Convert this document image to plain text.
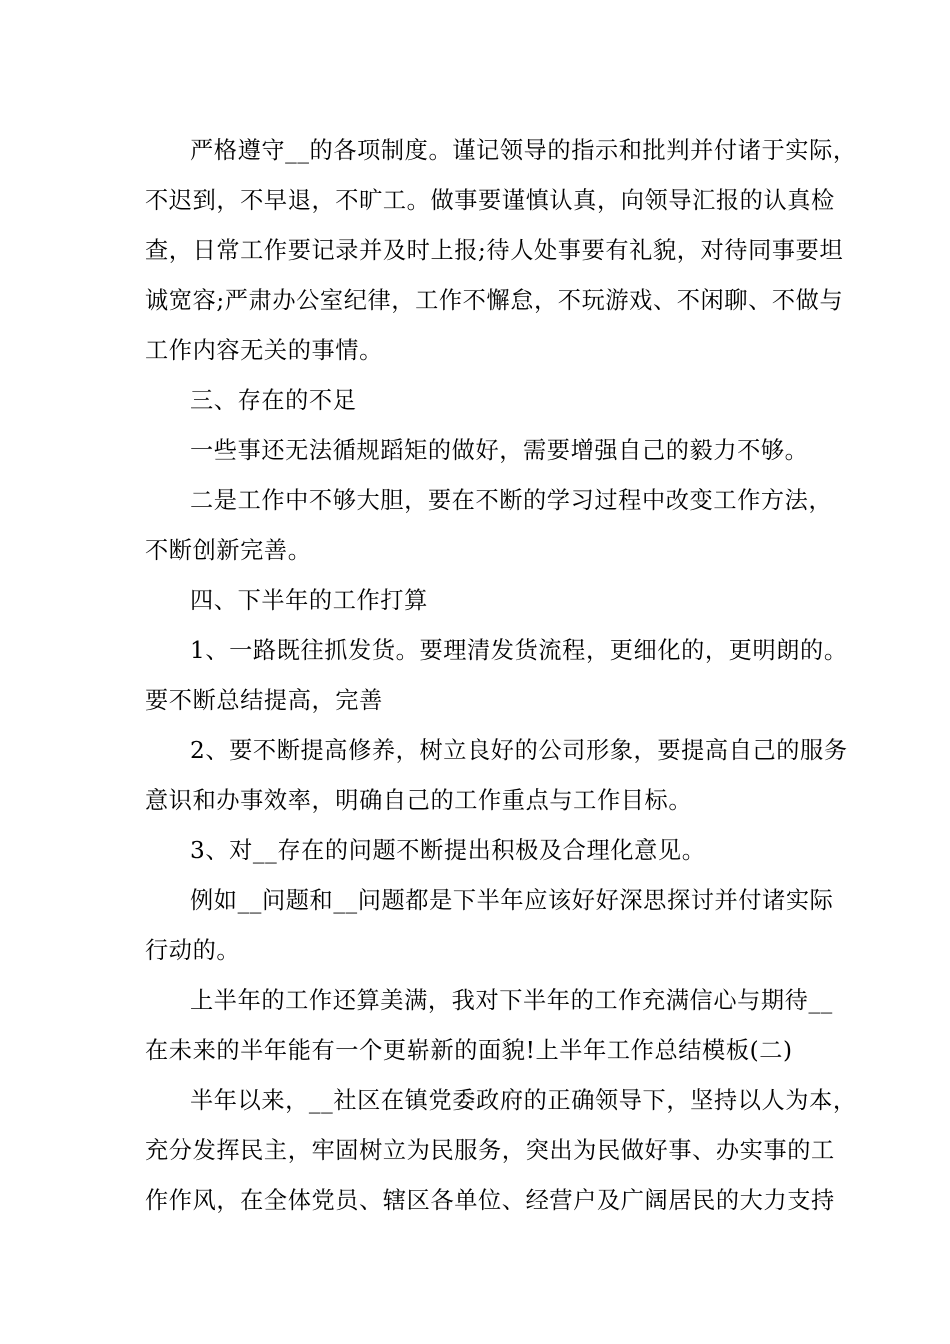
严格遵守__的各项制度。谨记领导的指示和批判并付诸于实际，
不迟到，不早退，不旷工。做事要谨慎认真，向领导汇报的认真检
查，日常工作要记录并及时上报;待人处事要有礼貌，对待同事要坦
诚宽容;严肃办公室纪律，工作不懈怠，不玩游戏、不闲聊、不做与
工作内容无关的事情。
三、存在的不足
一些事还无法循规蹈矩的做好，需要增强自己的毅力不够。
二是工作中不够大胆，要在不断的学习过程中改变工作方法，
不断创新完善。
四、下半年的工作打算
1、一路既往抓发货。要理清发货流程，更细化的，更明朗的。
要不断总结提高，完善
2、要不断提高修养，树立良好的公司形象，要提高自己的服务
意识和办事效率，明确自己的工作重点与工作目标。
3、对__存在的问题不断提出积极及合理化意见。
例如__问题和__问题都是下半年应该好好深思探讨并付诸实际
行动的。
上半年的工作还算美满，我对下半年的工作充满信心与期待__
在未来的半年能有一个更崭新的面貌!上半年工作总结模板(二)
半年以来，__社区在镇党委政府的正确领导下，坚持以人为本，
充分发挥民主，牢固树立为民服务，突出为民做好事、办实事的工
作作风，在全体党员、辖区各单位、经营户及广阔居民的大力支持
